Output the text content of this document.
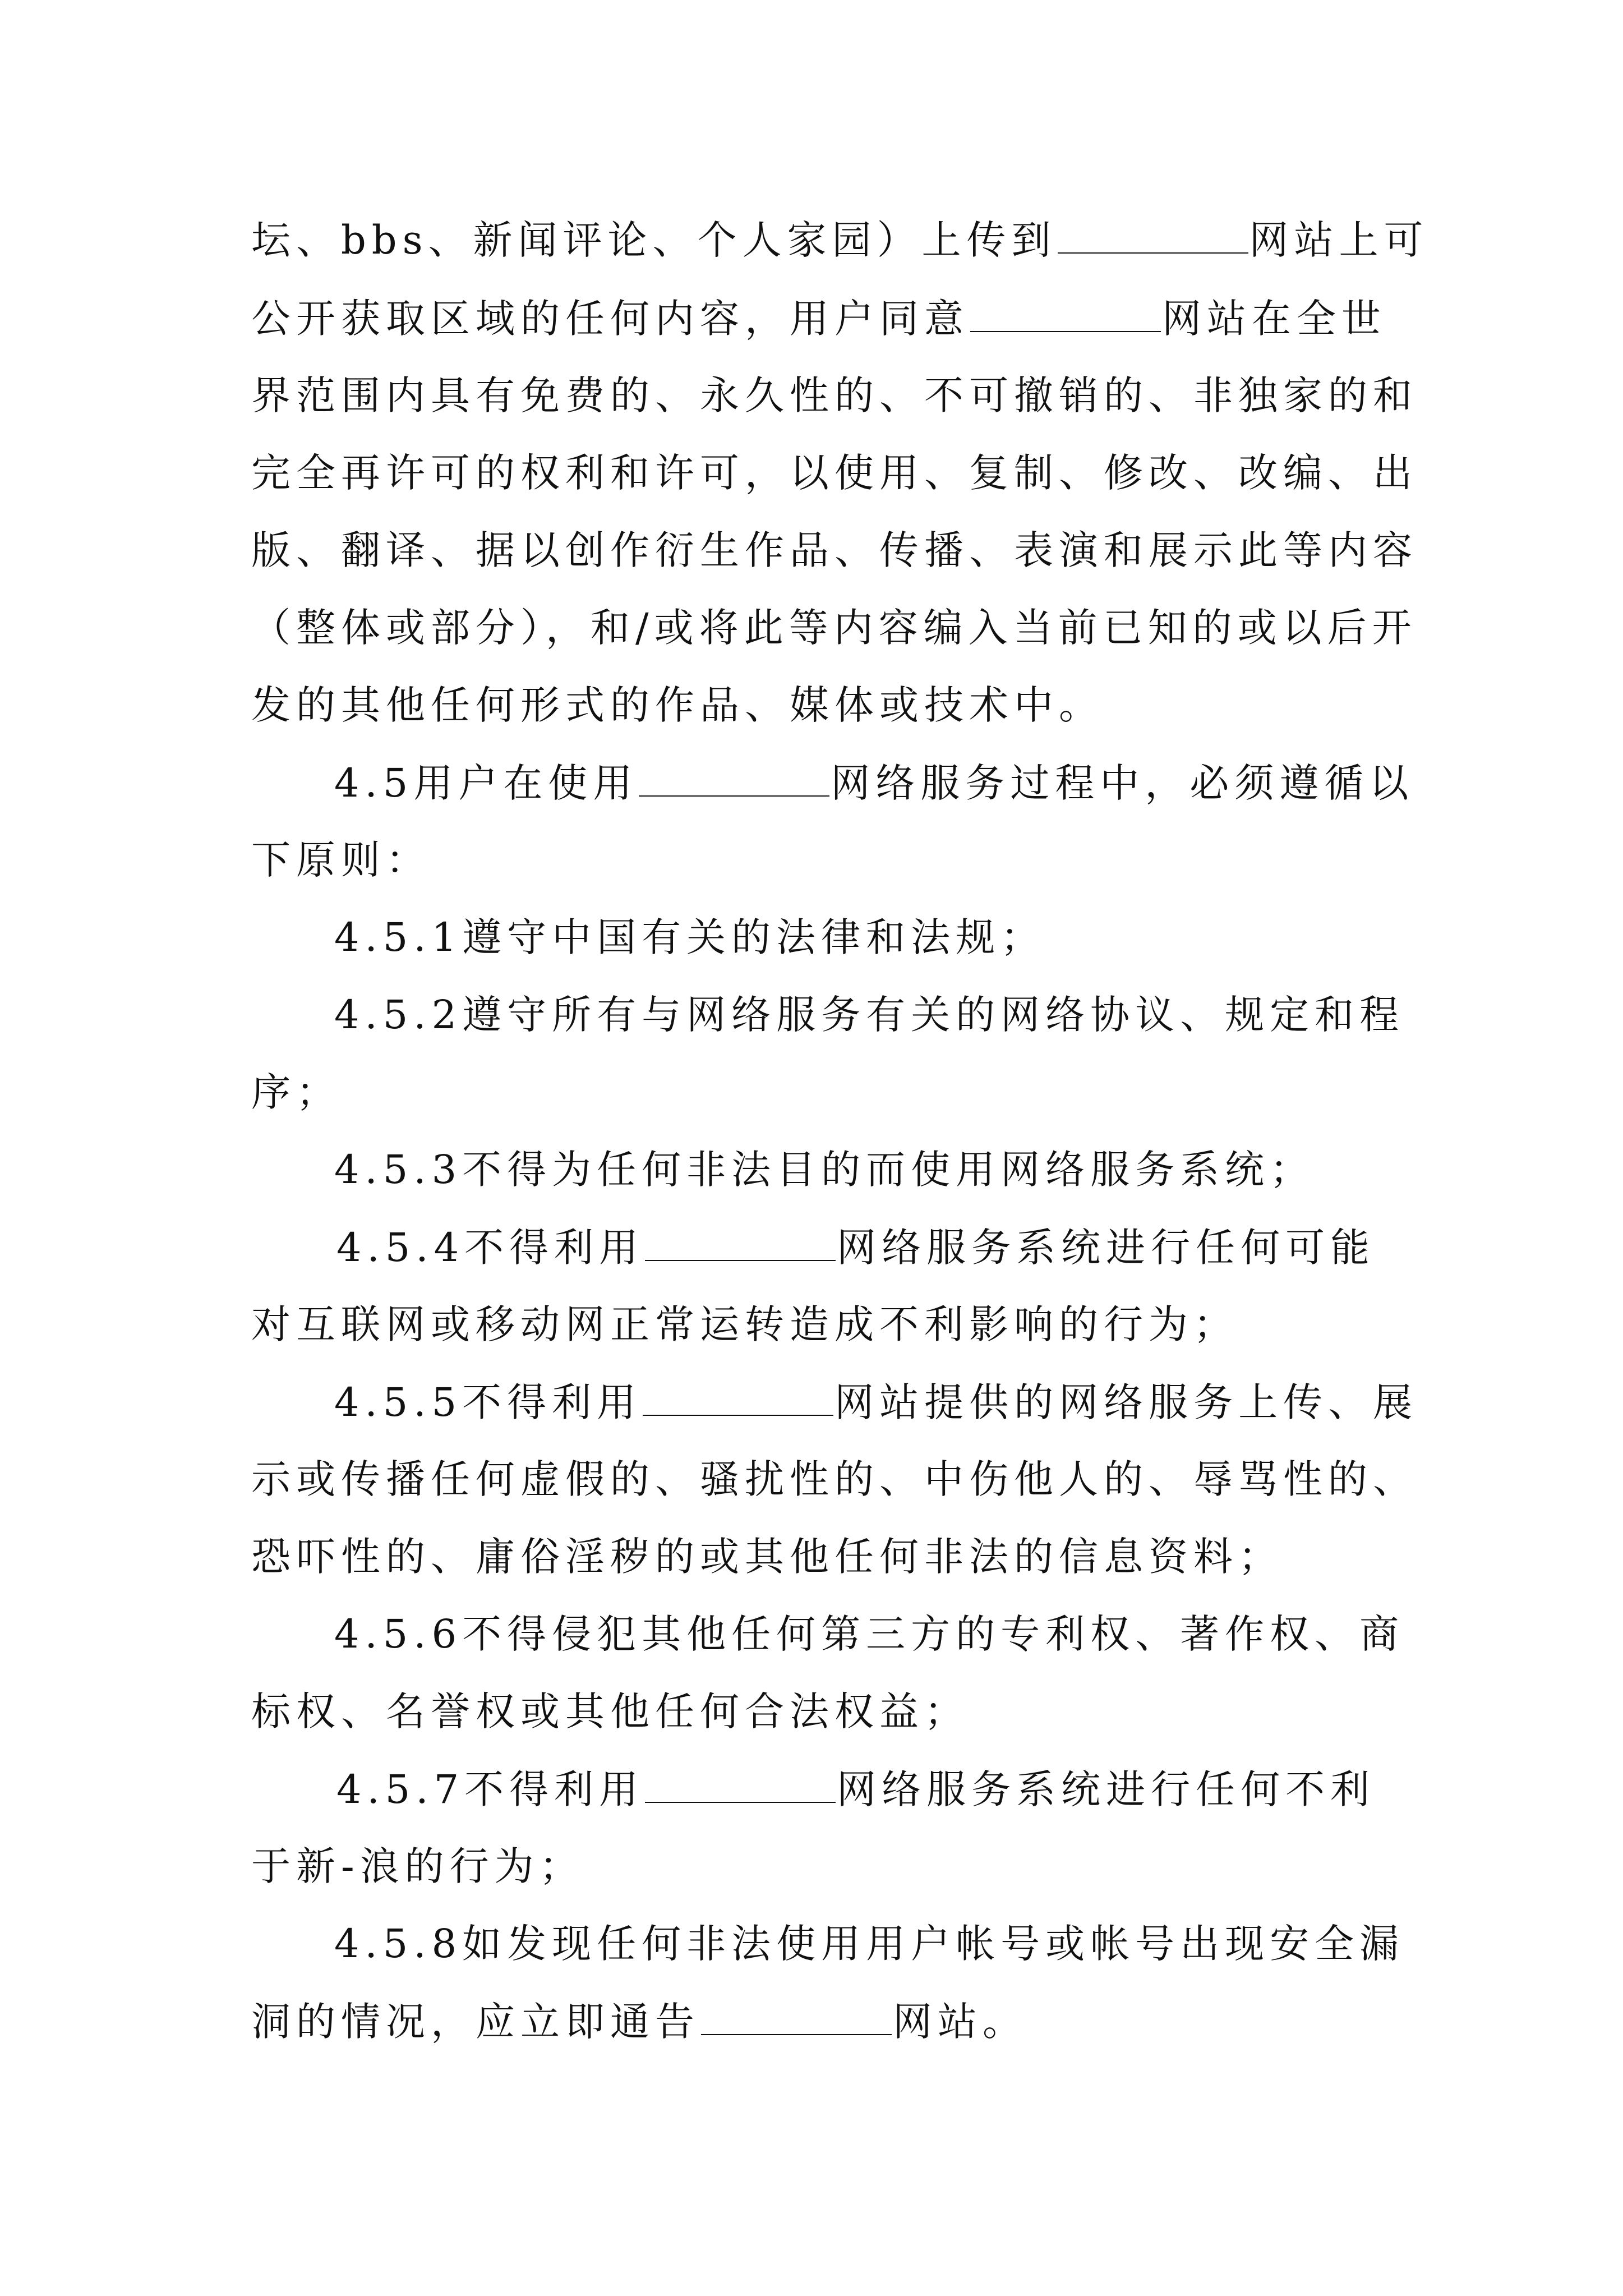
坛、bbs、新闻评论、个人家园）上传到	网站上可
公开获取区域的任何内容，用户同意	网站在全世
界范围内具有免费的、永久性的、不可撤销的、非独家的和
完全再许可的权利和许可，以使用、复制、修改、改编、出
版、翻译、据以创作衍生作品、传播、表演和展示此等内容
（整体或部分），和/或将此等内容编入当前已知的或以后开
发的其他任何形式的作品、媒体或技术中。
4.5用户在使用	网络服务过程中，必须遵循以
下原则：
4.5.1遵守中国有关的法律和法规；
4.5.2遵守所有与网络服务有关的网络协议、规定和程
序；
4.5.3不得为任何非法目的而使用网络服务系统；
4.5.4不得利用	网络服务系统进行任何可能
对互联网或移动网正常运转造成不利影响的行为；
4.5.5不得利用	网站提供的网络服务上传、展
示或传播任何虚假的、骚扰性的、中伤他人的、辱骂性的、
恐吓性的、庸俗淫秽的或其他任何非法的信息资料；
4.5.6不得侵犯其他任何第三方的专利权、著作权、商
标权、名誉权或其他任何合法权益；
4.5.7不得利用	网络服务系统进行任何不利
于新-浪的行为；
4.5.8如发现任何非法使用用户帐号或帐号出现安全漏
洞的情况，应立即通告	网站。
